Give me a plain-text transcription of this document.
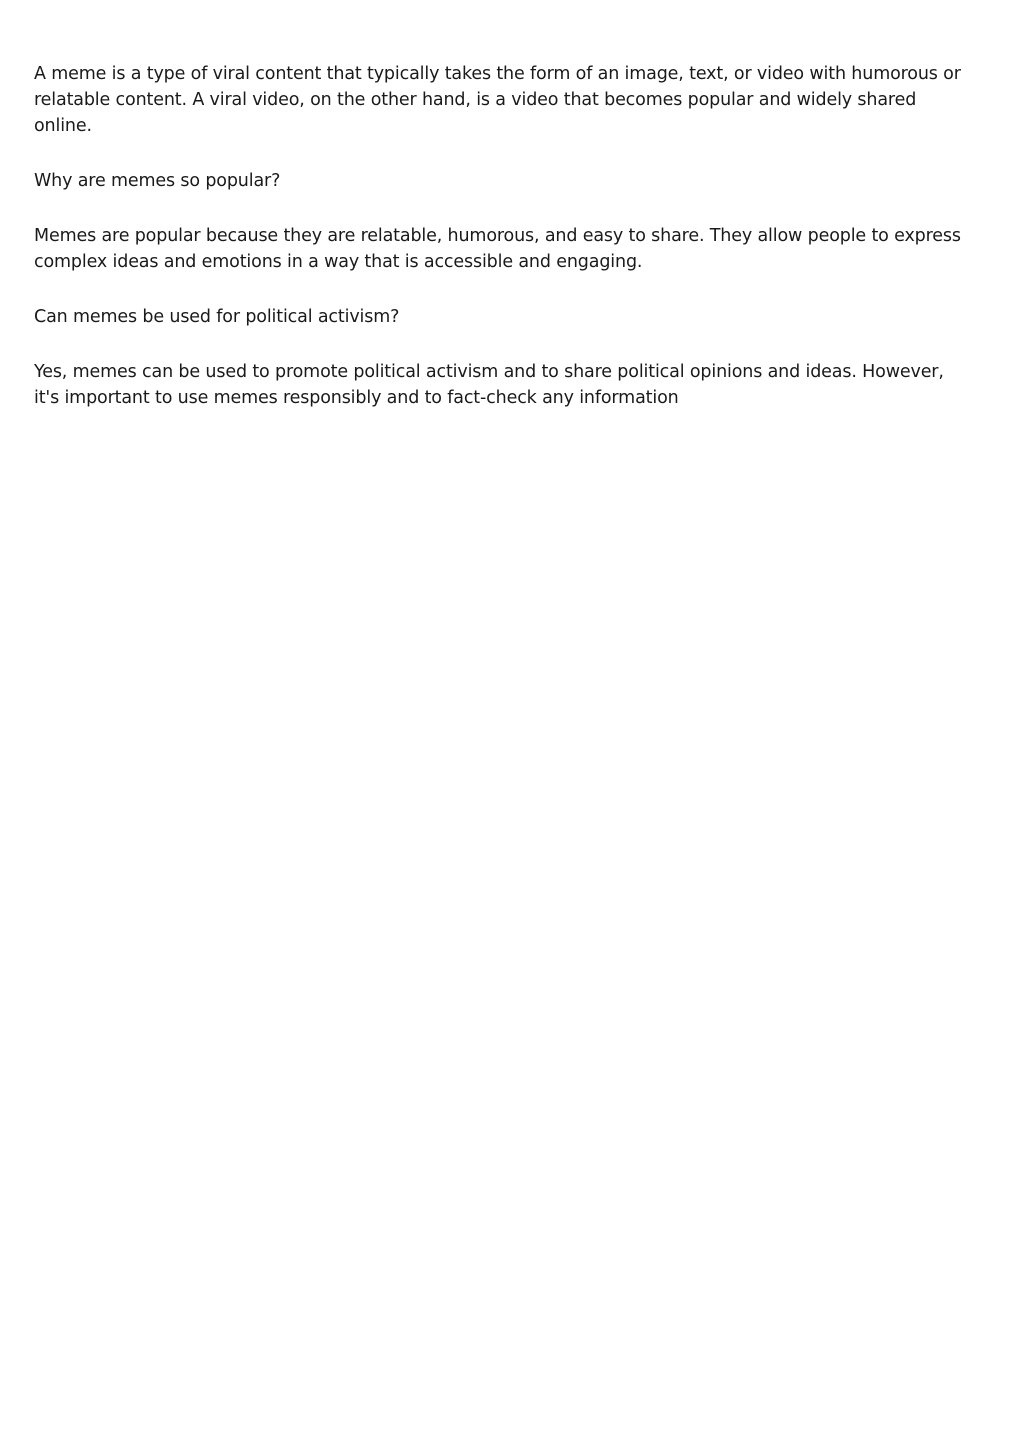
A meme is a type of viral content that typically takes the form of an image, text, or video with humorous or relatable content. A viral video, on the other hand, is a video that becomes popular and widely shared online.

Why are memes so popular?

Memes are popular because they are relatable, humorous, and easy to share. They allow people to express complex ideas and emotions in a way that is accessible and engaging.

Can memes be used for political activism?

Yes, memes can be used to promote political activism and to share political opinions and ideas. However, it's important to use memes responsibly and to fact-check any information
